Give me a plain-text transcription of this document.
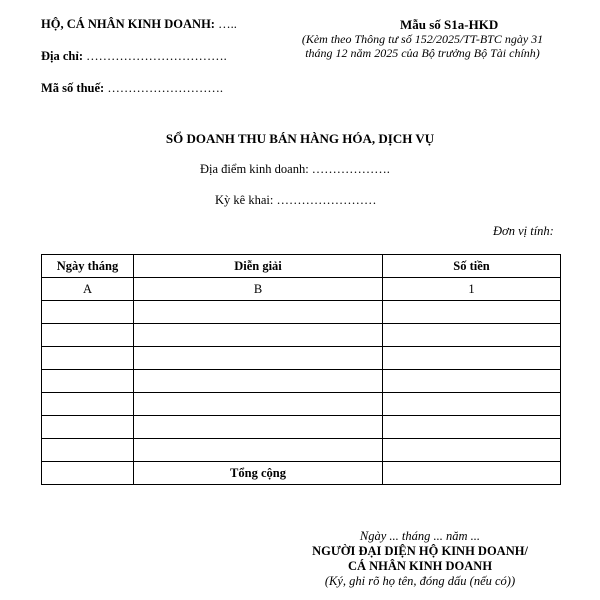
HỘ, CÁ NHÂN KINH DOANH: …..
Địa chỉ: …………………………….
Mã số thuế: ……………………….
Mẫu số S1a-HKD
(Kèm theo Thông tư số 152/2025/TT-BTC ngày 31
tháng 12 năm 2025 của Bộ trưởng Bộ Tài chính)
SỔ DOANH THU BÁN HÀNG HÓA, DỊCH VỤ
Địa điểm kinh doanh: ……………….
Kỳ kê khai: ……………………
Đơn vị tính:
Ngày tháng	Diễn giải	Số tiền
A	B	1

	Tổng cộng	
Ngày ... tháng ... năm ...
NGƯỜI ĐẠI DIỆN HỘ KINH DOANH/
CÁ NHÂN KINH DOANH
(Ký, ghi rõ họ tên, đóng dấu (nếu có))
